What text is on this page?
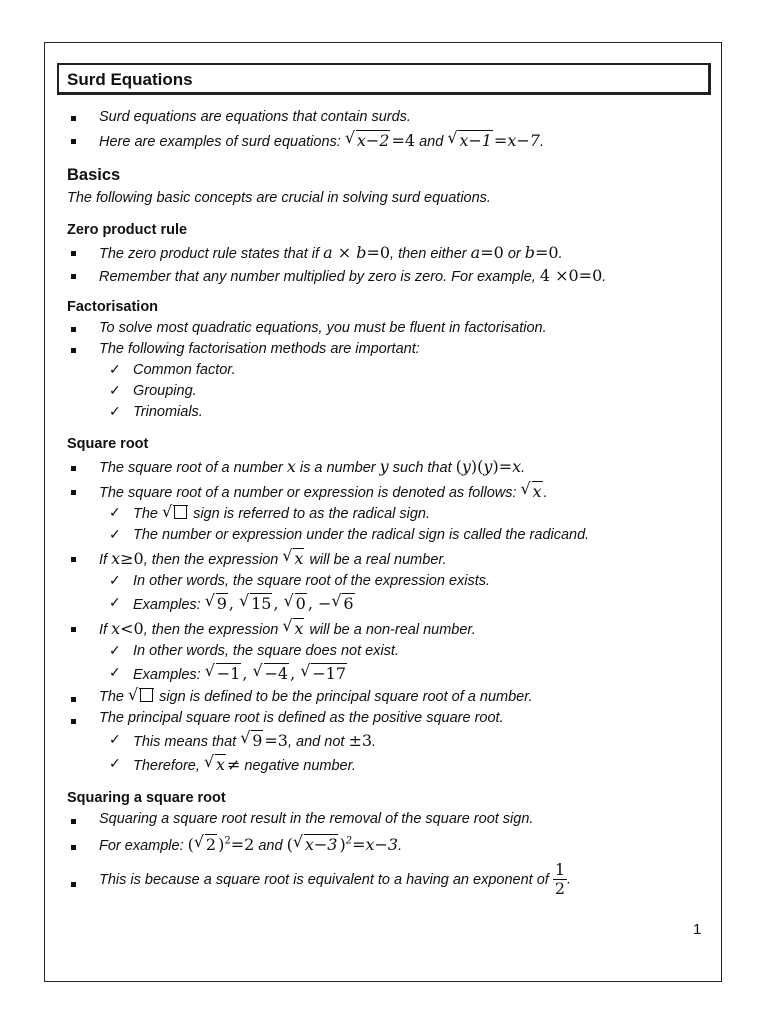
Surd Equations
Surd equations are equations that contain surds.
Here are examples of surd equations: √ x−2 =4 and √ x−1 =x−7.
Basics
The following basic concepts are crucial in solving surd equations.
Zero product rule
The zero product rule states that if a × b=0, then either a=0 or b=0.
Remember that any number multiplied by zero is zero. For example, 4 ×0=0.
Factorisation
To solve most quadratic equations, you must be fluent in factorisation.
The following factorisation methods are important:
✓ Common factor.
✓ Grouping.
✓ Trinomials.
Square root
The square root of a number x is a number y such that (y)(y)=x.
The square root of a number or expression is denoted as follows: √ x .
✓ The √ sign is referred to as the radical sign.
✓ The number or expression under the radical sign is called the radicand.
If x≥0, then the expression √ x will be a real number.
✓ In other words, the square root of the expression exists.
✓ Examples: √ 9 , √ 15 , √ 0 , − √ 6
If x<0, then the expression √ x will be a non-real number.
✓ In other words, the square does not exist.
✓ Examples: √ −1 , √ −4 , √ −17
The √ sign is defined to be the principal square root of a number.
The principal square root is defined as the positive square root.
✓ This means that √ 9 =3, and not ±3.
✓ Therefore, √ x ≠ negative number.
Squaring a square root
Squaring a square root result in the removal of the square root sign.
For example: ( √ 2 )$^2$=2 and ( √ x−3 )$^2$=x−3.
This is because a square root is equivalent to a having an exponent of $\frac{1}{2}$ .
1
